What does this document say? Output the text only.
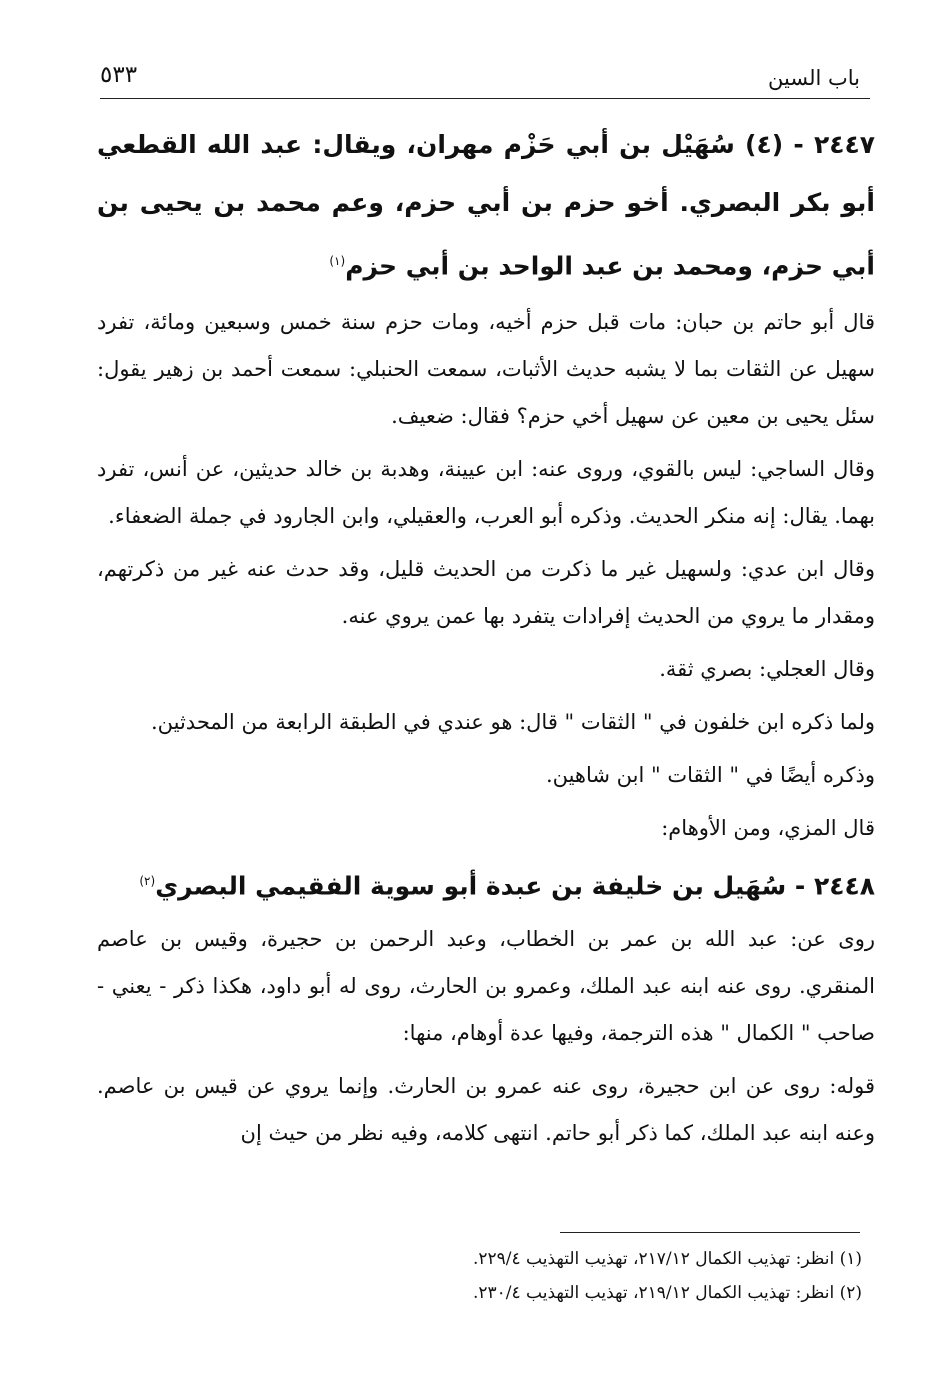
باب السين
٥٣٣

٢٤٤٧ - (٤) سُهَيْل بن أبي حَزْم مهران، ويقال: عبد الله القطعي أبو بكر البصري. أخو حزم بن أبي حزم، وعم محمد بن يحيى بن أبي حزم، ومحمد بن عبد الواحد بن أبي حزم$^{(١)}$

قال أبو حاتم بن حبان: مات قبل حزم أخيه، ومات حزم سنة خمس وسبعين ومائة، تفرد سهيل عن الثقات بما لا يشبه حديث الأثبات، سمعت الحنبلي: سمعت أحمد بن زهير يقول: سئل يحيى بن معين عن سهيل أخي حزم؟ فقال: ضعيف.

وقال الساجي: ليس بالقوي، وروى عنه: ابن عيينة، وهدبة بن خالد حديثين، عن أنس، تفرد بهما. يقال: إنه منكر الحديث. وذكره أبو العرب، والعقيلي، وابن الجارود في جملة الضعفاء.

وقال ابن عدي: ولسهيل غير ما ذكرت من الحديث قليل، وقد حدث عنه غير من ذكرتهم، ومقدار ما يروي من الحديث إفرادات يتفرد بها عمن يروي عنه.

وقال العجلي: بصري ثقة.

ولما ذكره ابن خلفون في " الثقات " قال: هو عندي في الطبقة الرابعة من المحدثين.

وذكره أيضًا في " الثقات " ابن شاهين.

قال المزي، ومن الأوهام:

٢٤٤٨ - سُهَيل بن خليفة بن عبدة أبو سوية الفقيمي البصري$^{(٢)}$

روى عن: عبد الله بن عمر بن الخطاب، وعبد الرحمن بن حجيرة، وقيس بن عاصم المنقري. روى عنه ابنه عبد الملك، وعمرو بن الحارث، روى له أبو داود، هكذا ذكر - يعني - صاحب " الكمال " هذه الترجمة، وفيها عدة أوهام، منها:

قوله: روى عن ابن حجيرة، روى عنه عمرو بن الحارث. وإنما يروي عن قيس بن عاصم. وعنه ابنه عبد الملك، كما ذكر أبو حاتم. انتهى كلامه، وفيه نظر من حيث إن

(١) انظر: تهذيب الكمال ٢١٧/١٢، تهذيب التهذيب ٢٢٩/٤.
(٢) انظر: تهذيب الكمال ٢١٩/١٢، تهذيب التهذيب ٢٣٠/٤.
